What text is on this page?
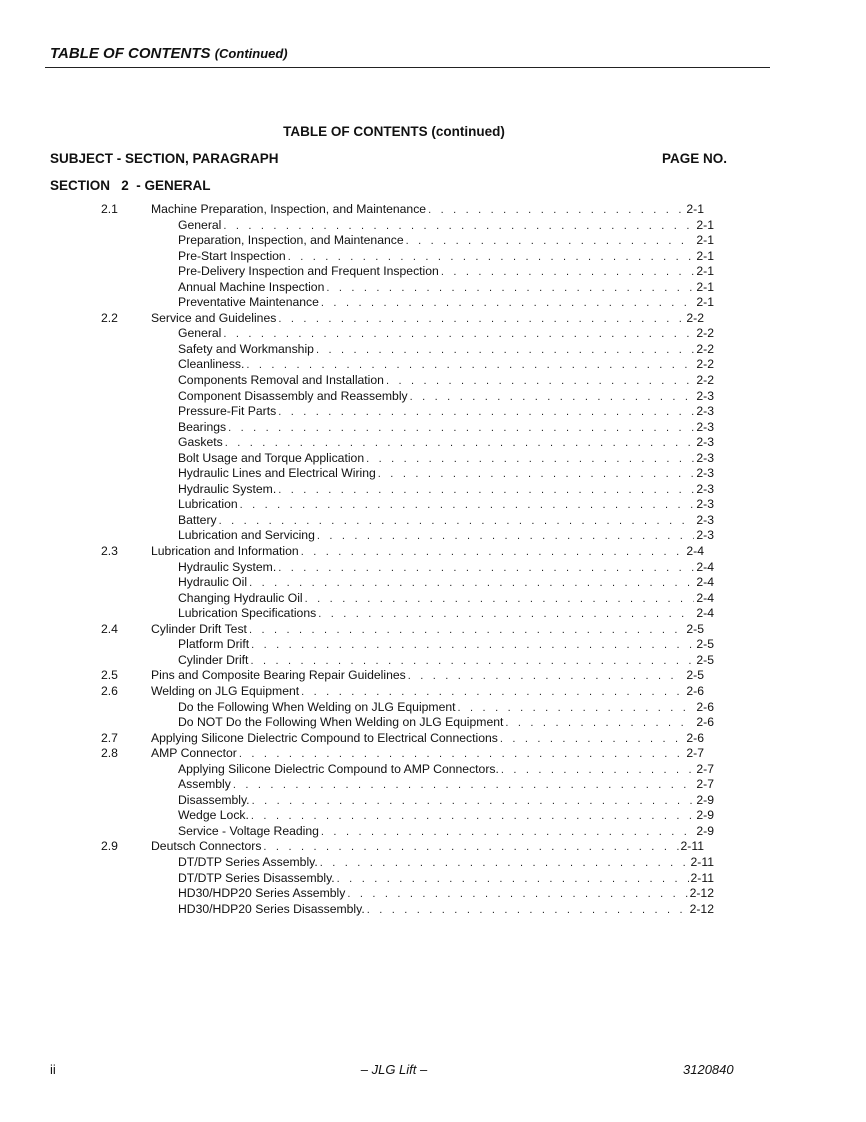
TABLE OF CONTENTS (Continued)
TABLE OF CONTENTS (continued)
SUBJECT - SECTION, PARAGRAPH	PAGE NO.
SECTION   2  - GENERAL
2.1	Machine Preparation, Inspection, and Maintenance . . .	2-1
General . . .	2-1
Preparation, Inspection, and Maintenance . . .	2-1
Pre-Start Inspection . . .	2-1
Pre-Delivery Inspection and Frequent Inspection . . .	2-1
Annual Machine Inspection . . .	2-1
Preventative Maintenance . . .	2-1
2.2	Service and Guidelines . . .	2-2
General . . .	2-2
Safety and Workmanship . . .	2-2
Cleanliness. . . .	2-2
Components Removal and Installation . . .	2-2
Component Disassembly and Reassembly . . .	2-3
Pressure-Fit Parts . . .	2-3
Bearings . . .	2-3
Gaskets . . .	2-3
Bolt Usage and Torque Application . . .	2-3
Hydraulic Lines and Electrical Wiring . . .	2-3
Hydraulic System. . . .	2-3
Lubrication . . .	2-3
Battery . . .	2-3
Lubrication and Servicing . . .	2-3
2.3	Lubrication and Information . . .	2-4
Hydraulic System. . . .	2-4
Hydraulic Oil . . .	2-4
Changing Hydraulic Oil . . .	2-4
Lubrication Specifications . . .	2-4
2.4	Cylinder Drift Test . . .	2-5
Platform Drift . . .	2-5
Cylinder Drift . . .	2-5
2.5	Pins and Composite Bearing Repair Guidelines . . .	2-5
2.6	Welding on JLG Equipment . . .	2-6
Do the Following When Welding on JLG Equipment . . .	2-6
Do NOT Do the Following When Welding on JLG Equipment . . .	2-6
2.7	Applying Silicone Dielectric Compound to Electrical Connections . . .	2-6
2.8	AMP Connector . . .	2-7
Applying Silicone Dielectric Compound to AMP Connectors. . . .	2-7
Assembly . . .	2-7
Disassembly. . . .	2-9
Wedge Lock. . . .	2-9
Service - Voltage Reading . . .	2-9
2.9	Deutsch Connectors . . .	2-11
DT/DTP Series Assembly. . . .	2-11
DT/DTP Series Disassembly. . . .	2-11
HD30/HDP20 Series Assembly . . .	2-12
HD30/HDP20 Series Disassembly. . . .	2-12
ii	– JLG Lift –	3120840
